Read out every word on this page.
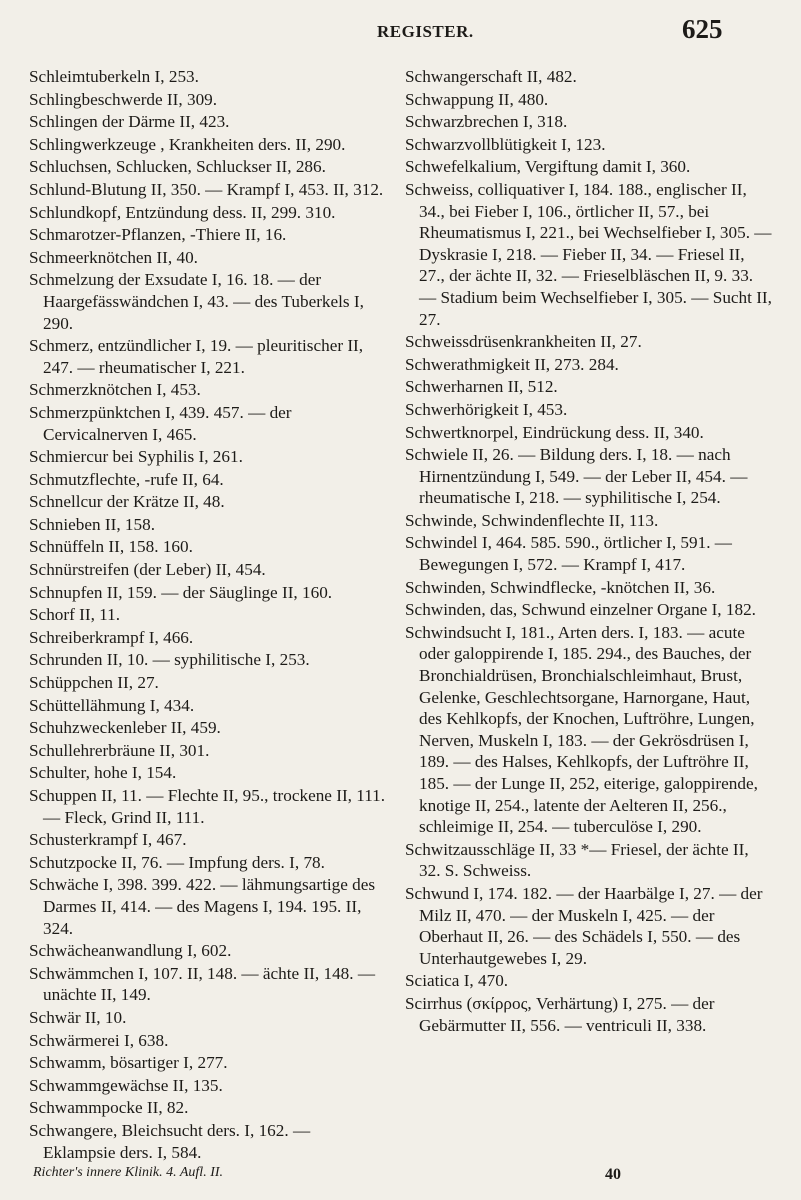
REGISTER.	625

Schleimtuberkeln I, 253.

Schlingbeschwerde II, 309.

Schlingen der Därme II, 423.

Schlingwerkzeuge , Krankheiten ders. II, 290.

Schluchsen, Schlucken, Schluckser II, 286.

Schlund-Blutung II, 350. — Krampf I, 453. II, 312.

Schlundkopf, Entzündung dess. II, 299. 310.

Schmarotzer-Pflanzen, -Thiere II, 16.

Schmeerknötchen II, 40.

Schmelzung der Exsudate I, 16. 18. — der Haargefässwändchen I, 43. — des Tuberkels I, 290.

Schmerz, entzündlicher I, 19. — pleuritischer II, 247. — rheumatischer I, 221.

Schmerzknötchen I, 453.

Schmerzpünktchen I, 439. 457. — der Cervicalnerven I, 465.

Schmiercur bei Syphilis I, 261.

Schmutzflechte, -rufe II, 64.

Schnellcur der Krätze II, 48.

Schnieben II, 158.

Schnüffeln II, 158. 160.

Schnürstreifen (der Leber) II, 454.

Schnupfen II, 159. — der Säuglinge II, 160.

Schorf II, 11.

Schreiberkrampf I, 466.

Schrunden II, 10. — syphilitische I, 253.

Schüppchen II, 27.

Schüttellähmung I, 434.

Schuhzweckenleber II, 459.

Schullehrerbräune II, 301.

Schulter, hohe I, 154.

Schuppen II, 11. — Flechte II, 95., trockene II, 111. — Fleck, Grind II, 111.

Schusterkrampf I, 467.

Schutzpocke II, 76. — Impfung ders. I, 78.

Schwäche I, 398. 399. 422. — lähmungsartige des Darmes II, 414. — des Magens I, 194. 195. II, 324.

Schwächeanwandlung I, 602.

Schwämmchen I, 107. II, 148. — ächte II, 148. — unächte II, 149.

Schwär II, 10.

Schwärmerei I, 638.

Schwamm, bösartiger I, 277.

Schwammgewächse II, 135.

Schwammpocke II, 82.

Schwangere, Bleichsucht ders. I, 162. — Eklampsie ders. I, 584.

Richter's innere Klinik. 4. Aufl. II.

Schwangerschaft II, 482.

Schwappung II, 480.

Schwarzbrechen I, 318.

Schwarzvollblütigkeit I, 123.

Schwefelkalium, Vergiftung damit I, 360.

Schweiss, colliquativer I, 184. 188., englischer II, 34., bei Fieber I, 106., örtlicher II, 57., bei Rheumatismus I, 221., bei Wechselfieber I, 305. — Dyskrasie I, 218. — Fieber II, 34. — Friesel II, 27., der ächte II, 32. — Frieselbläschen II, 9. 33. — Stadium beim Wechselfieber I, 305. — Sucht II, 27.

Schweissdrüsenkrankheiten II, 27.

Schwerathmigkeit II, 273. 284.

Schwerharnen II, 512.

Schwerhörigkeit I, 453.

Schwertknorpel, Eindrückung dess. II, 340.

Schwiele II, 26. — Bildung ders. I, 18. — nach Hirnentzündung I, 549. — der Leber II, 454. — rheumatische I, 218. — syphilitische I, 254.

Schwinde, Schwindenflechte II, 113.

Schwindel I, 464. 585. 590., örtlicher I, 591. — Bewegungen I, 572. — Krampf I, 417.

Schwinden, Schwindflecke, -knötchen II, 36.

Schwinden, das, Schwund einzelner Organe I, 182.

Schwindsucht I, 181., Arten ders. I, 183. — acute oder galoppirende I, 185. 294., des Bauches, der Bronchialdrüsen, Bronchialschleimhaut, Brust, Gelenke, Geschlechtsorgane, Harnorgane, Haut, des Kehlkopfs, der Knochen, Luftröhre, Lungen, Nerven, Muskeln I, 183. — der Gekrösdrüsen I, 189. — des Halses, Kehlkopfs, der Luftröhre II, 185. — der Lunge II, 252, eiterige, galoppirende, knotige II, 254., latente der Aelteren II, 256., schleimige II, 254. — tuberculöse I, 290.

Schwitzausschläge II, 33 *— Friesel, der ächte II, 32. S. Schweiss.

Schwund I, 174. 182. — der Haarbälge I, 27. — der Milz II, 470. — der Muskeln I, 425. — der Oberhaut II, 26. — des Schädels I, 550. — des Unterhautgewebes I, 29.

Sciatica I, 470.

Scirrhus (σκίρρος, Verhärtung) I, 275. — der Gebärmutter II, 556. — ventriculi II, 338.

40
